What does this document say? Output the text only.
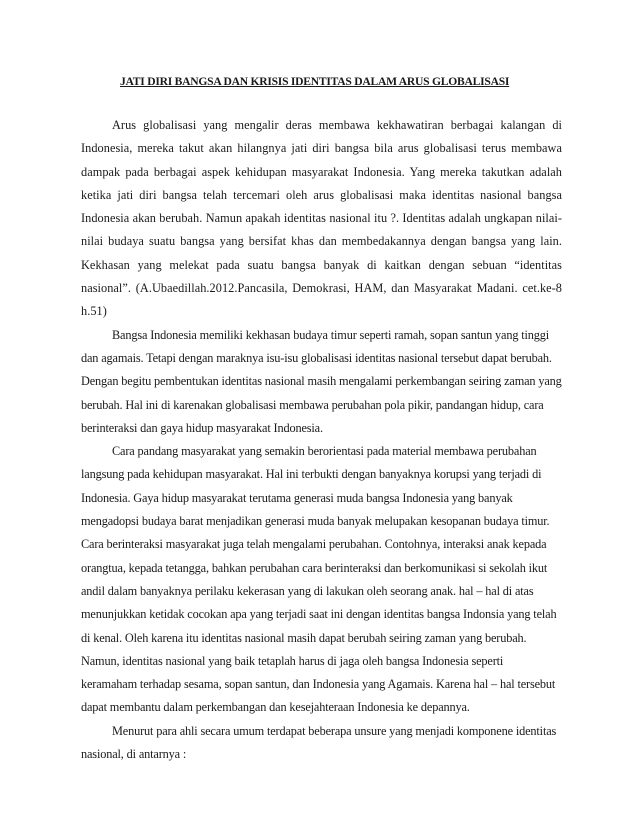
JATI DIRI BANGSA DAN KRISIS IDENTITAS DALAM ARUS GLOBALISASI

Arus globalisasi yang mengalir deras membawa kekhawatiran berbagai kalangan di Indonesia, mereka takut akan hilangnya jati diri bangsa bila arus globalisasi terus membawa dampak pada berbagai aspek kehidupan masyarakat Indonesia. Yang mereka takutkan adalah ketika jati diri bangsa telah tercemari oleh arus globalisasi maka identitas nasional bangsa Indonesia akan berubah. Namun apakah identitas nasional itu ?. Identitas adalah ungkapan nilai-nilai budaya suatu bangsa yang bersifat khas dan membedakannya dengan bangsa yang lain. Kekhasan yang melekat pada suatu bangsa banyak di kaitkan dengan sebuan “identitas nasional”. (A.Ubaedillah.2012.Pancasila, Demokrasi, HAM, dan Masyarakat Madani. cet.ke-8 h.51)

Bangsa Indonesia memiliki kekhasan budaya timur seperti ramah, sopan santun yang tinggi dan agamais. Tetapi dengan maraknya isu-isu globalisasi identitas nasional tersebut dapat berubah. Dengan begitu pembentukan identitas nasional masih mengalami perkembangan seiring zaman yang berubah. Hal ini di karenakan globalisasi membawa perubahan pola pikir, pandangan hidup, cara berinteraksi dan gaya hidup masyarakat Indonesia.

Cara pandang masyarakat yang semakin berorientasi pada material membawa perubahan langsung pada kehidupan masyarakat. Hal ini terbukti dengan banyaknya korupsi yang terjadi di Indonesia. Gaya hidup masyarakat terutama generasi muda bangsa Indonesia yang banyak mengadopsi budaya barat menjadikan generasi muda banyak melupakan kesopanan budaya timur. Cara berinteraksi masyarakat juga telah mengalami perubahan. Contohnya, interaksi anak kepada orangtua, kepada tetangga, bahkan perubahan cara berinteraksi dan berkomunikasi si sekolah ikut andil dalam banyaknya perilaku kekerasan yang di lakukan oleh seorang anak. hal – hal di atas menunjukkan ketidak cocokan apa yang terjadi saat ini dengan identitas bangsa Indonsia yang telah di kenal. Oleh karena itu identitas nasional masih dapat berubah seiring zaman yang berubah. Namun, identitas nasional yang baik tetaplah harus di jaga oleh bangsa Indonesia seperti keramaham terhadap sesama, sopan santun, dan Indonesia yang Agamais. Karena hal – hal tersebut dapat membantu dalam perkembangan dan kesejahteraan Indonesia ke depannya.

Menurut para ahli secara umum terdapat beberapa unsure yang menjadi komponene identitas nasional, di antarnya :
